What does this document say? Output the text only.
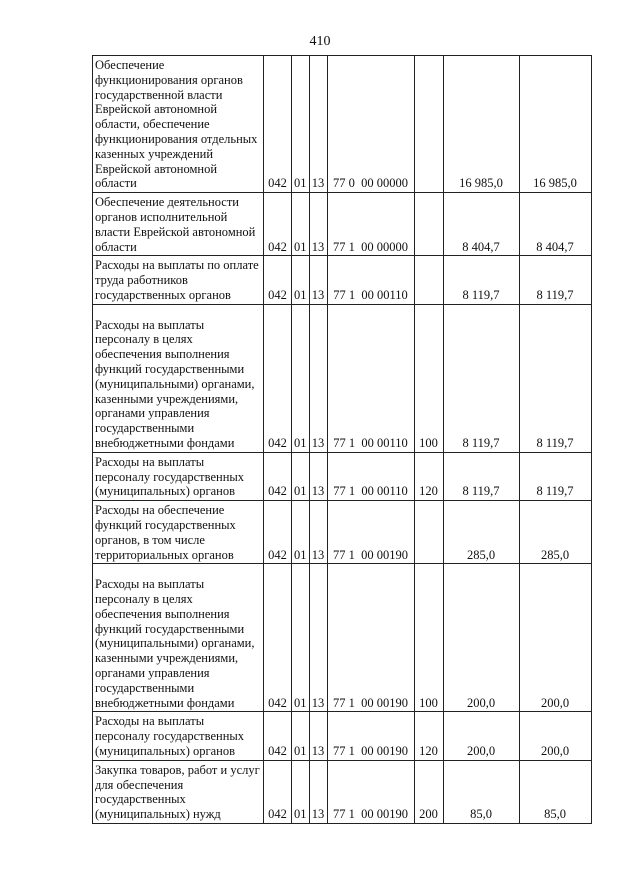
410
Обеспечение функционирования органов государственной власти Еврейской автономной области, обеспечение функционирования отдельных казенных учреждений Еврейской автономной области	042	01	13	77 0  00 00000		16 985,0	16 985,0
Обеспечение деятельности органов исполнительной власти Еврейской автономной области	042	01	13	77 1  00 00000		8 404,7	8 404,7
Расходы на выплаты по оплате труда работников государственных органов	042	01	13	77 1  00 00110		8 119,7	8 119,7
Расходы на выплаты персоналу в целях обеспечения выполнения функций государственными (муниципальными) органами, казенными учреждениями, органами управления государственными внебюджетными фондами	042	01	13	77 1  00 00110	100	8 119,7	8 119,7
Расходы на выплаты персоналу государственных (муниципальных) органов	042	01	13	77 1  00 00110	120	8 119,7	8 119,7
Расходы на обеспечение функций государственных органов, в том числе территориальных органов	042	01	13	77 1  00 00190		285,0	285,0
Расходы на выплаты персоналу в целях обеспечения выполнения функций государственными (муниципальными) органами, казенными учреждениями, органами управления государственными внебюджетными фондами	042	01	13	77 1  00 00190	100	200,0	200,0
Расходы на выплаты персоналу государственных (муниципальных) органов	042	01	13	77 1  00 00190	120	200,0	200,0
Закупка товаров, работ и услуг для обеспечения государственных (муниципальных) нужд	042	01	13	77 1  00 00190	200	85,0	85,0
